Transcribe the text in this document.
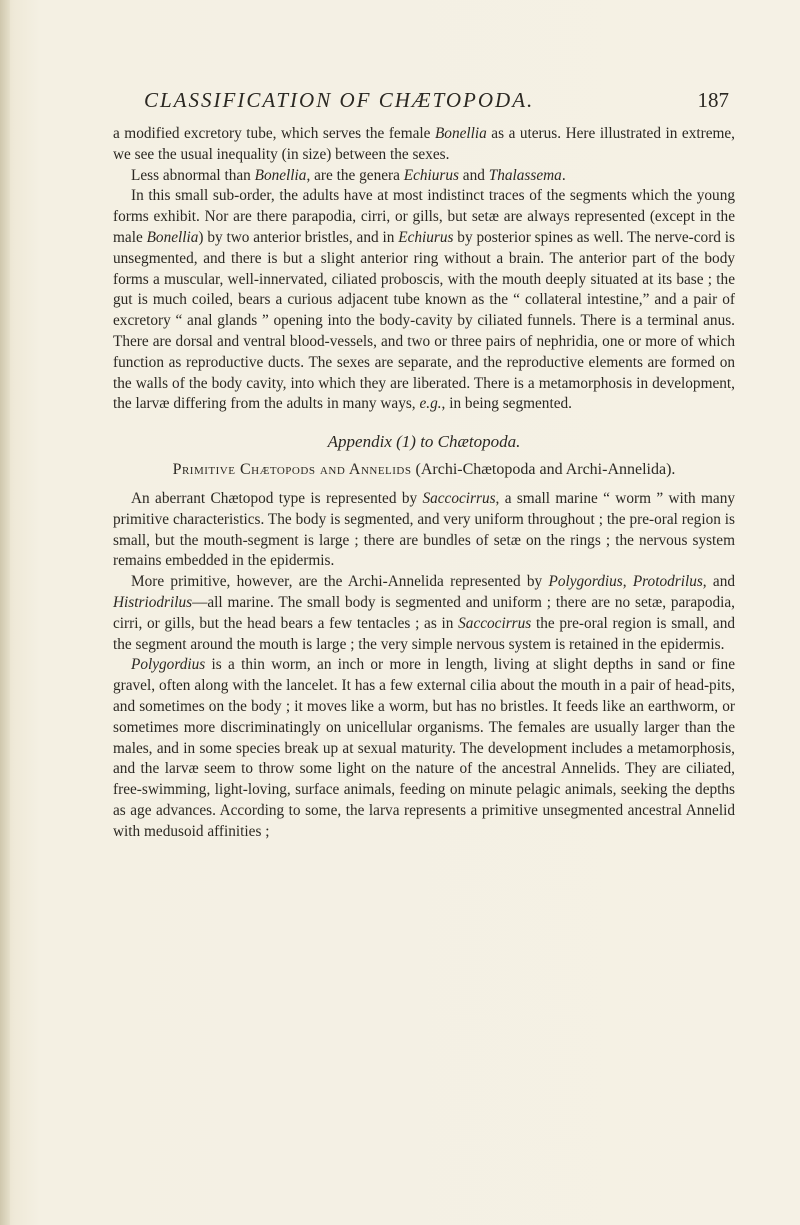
CLASSIFICATION OF CHÆTOPODA.	187

a modified excretory tube, which serves the female Bonellia as a uterus. Here illustrated in extreme, we see the usual inequality (in size) between the sexes.

Less abnormal than Bonellia, are the genera Echiurus and Thalassema.

In this small sub-order, the adults have at most indistinct traces of the segments which the young forms exhibit. Nor are there parapodia, cirri, or gills, but setæ are always represented (except in the male Bonellia) by two anterior bristles, and in Echiurus by posterior spines as well. The nerve-cord is unsegmented, and there is but a slight anterior ring without a brain. The anterior part of the body forms a muscular, well-innervated, ciliated proboscis, with the mouth deeply situated at its base ; the gut is much coiled, bears a curious adjacent tube known as the “ collateral intestine,” and a pair of excretory “ anal glands ” opening into the body-cavity by ciliated funnels. There is a terminal anus. There are dorsal and ventral blood-vessels, and two or three pairs of nephridia, one or more of which function as reproductive ducts. The sexes are separate, and the reproductive elements are formed on the walls of the body cavity, into which they are liberated. There is a metamorphosis in development, the larvæ differing from the adults in many ways, e.g., in being segmented.

Appendix (1) to Chætopoda.
Primitive Chætopods and Annelids (Archi-Chætopoda and Archi-Annelida).

An aberrant Chætopod type is represented by Saccocirrus, a small marine “ worm ” with many primitive characteristics. The body is segmented, and very uniform throughout ; the pre-oral region is small, but the mouth-segment is large ; there are bundles of setæ on the rings ; the nervous system remains embedded in the epidermis.

More primitive, however, are the Archi-Annelida represented by Polygordius, Protodrilus, and Histriodrilus—all marine. The small body is segmented and uniform ; there are no setæ, parapodia, cirri, or gills, but the head bears a few tentacles ; as in Saccocirrus the pre-oral region is small, and the segment around the mouth is large ; the very simple nervous system is retained in the epidermis.

Polygordius is a thin worm, an inch or more in length, living at slight depths in sand or fine gravel, often along with the lancelet. It has a few external cilia about the mouth in a pair of head-pits, and sometimes on the body ; it moves like a worm, but has no bristles. It feeds like an earthworm, or sometimes more discriminatingly on unicellular organisms. The females are usually larger than the males, and in some species break up at sexual maturity. The development includes a metamorphosis, and the larvæ seem to throw some light on the nature of the ancestral Annelids. They are ciliated, free-swimming, light-loving, surface animals, feeding on minute pelagic animals, seeking the depths as age advances. According to some, the larva represents a primitive unsegmented ancestral Annelid with medusoid affinities ;
